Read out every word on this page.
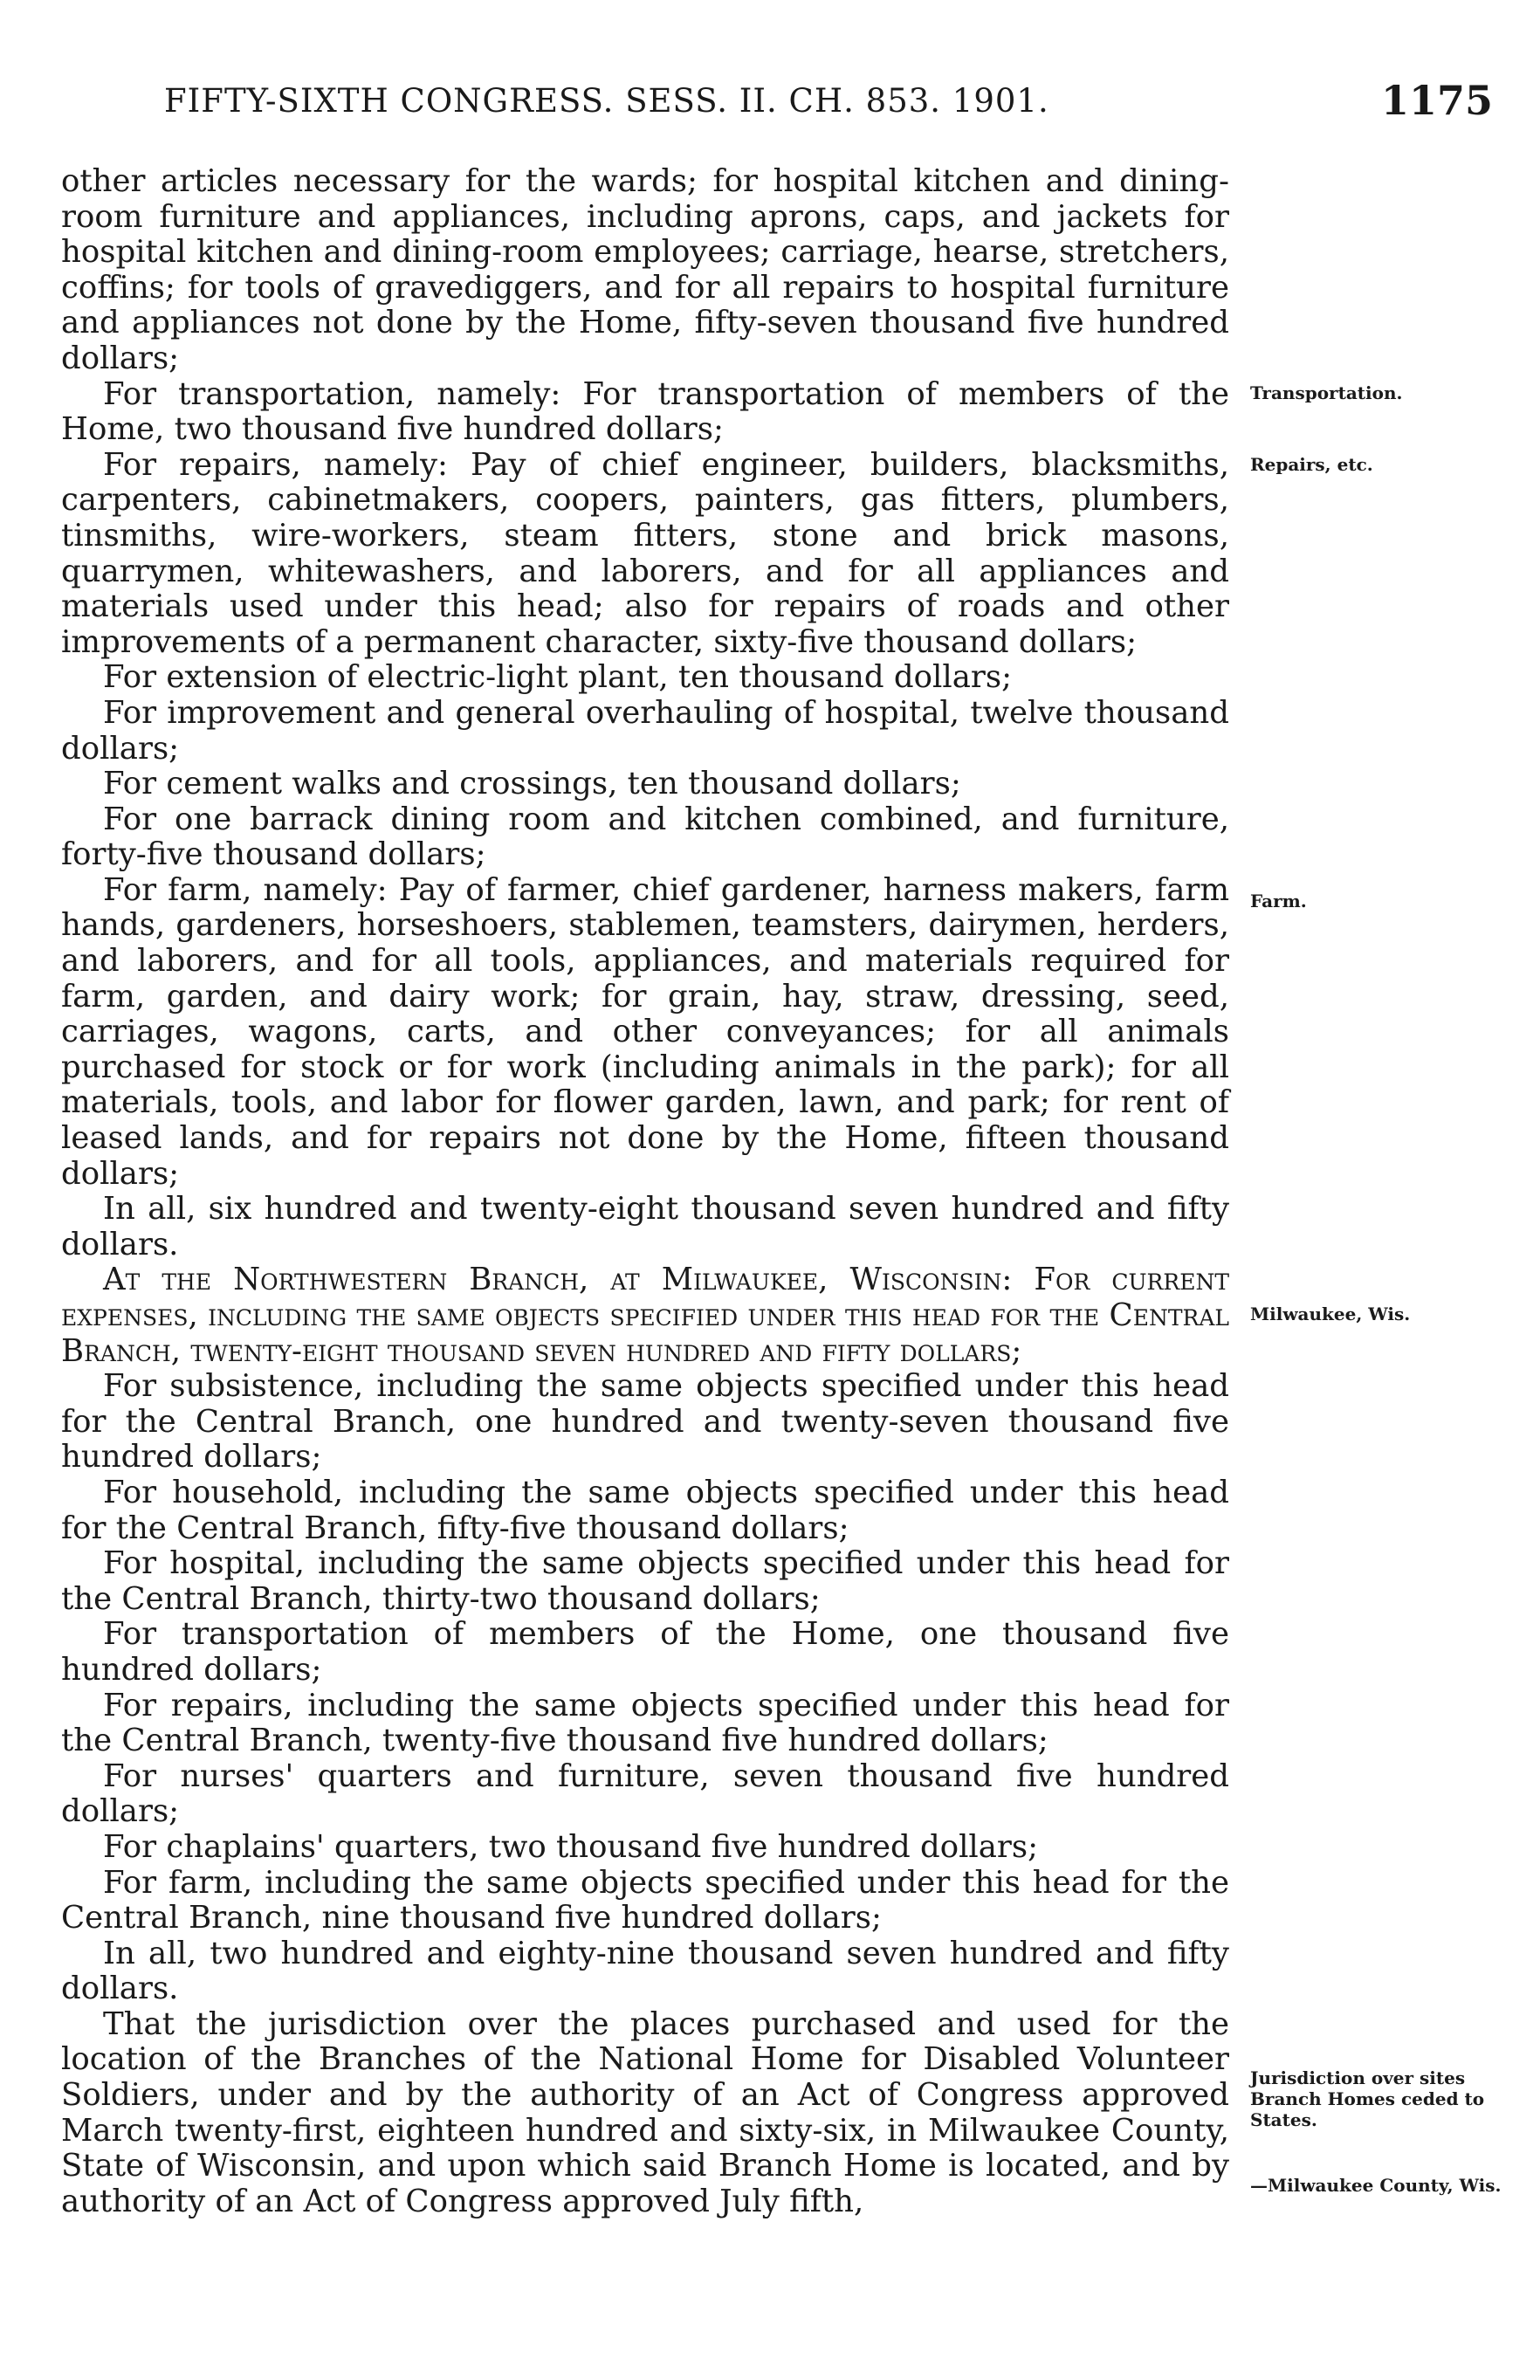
FIFTY-SIXTH CONGRESS. SESS. II. CH. 853. 1901.	1175

other articles necessary for the wards; for hospital kitchen and dining-room furniture and appliances, including aprons, caps, and jackets for hospital kitchen and dining-room employees; carriage, hearse, stretchers, coffins; for tools of gravediggers, and for all repairs to hospital furniture and appliances not done by the Home, fifty-seven thousand five hundred dollars;

For transportation, namely: For transportation of members of the Home, two thousand five hundred dollars;

For repairs, namely: Pay of chief engineer, builders, blacksmiths, carpenters, cabinetmakers, coopers, painters, gas fitters, plumbers, tinsmiths, wire-workers, steam fitters, stone and brick masons, quarrymen, whitewashers, and laborers, and for all appliances and materials used under this head; also for repairs of roads and other improvements of a permanent character, sixty-five thousand dollars;

For extension of electric-light plant, ten thousand dollars;

For improvement and general overhauling of hospital, twelve thousand dollars;

For cement walks and crossings, ten thousand dollars;

For one barrack dining room and kitchen combined, and furniture, forty-five thousand dollars;

For farm, namely: Pay of farmer, chief gardener, harness makers, farm hands, gardeners, horseshoers, stablemen, teamsters, dairymen, herders, and laborers, and for all tools, appliances, and materials required for farm, garden, and dairy work; for grain, hay, straw, dressing, seed, carriages, wagons, carts, and other conveyances; for all animals purchased for stock or for work (including animals in the park); for all materials, tools, and labor for flower garden, lawn, and park; for rent of leased lands, and for repairs not done by the Home, fifteen thousand dollars;

In all, six hundred and twenty-eight thousand seven hundred and fifty dollars.

At the Northwestern Branch, at Milwaukee, Wisconsin: For current expenses, including the same objects specified under this head for the Central Branch, twenty-eight thousand seven hundred and fifty dollars;

For subsistence, including the same objects specified under this head for the Central Branch, one hundred and twenty-seven thousand five hundred dollars;

For household, including the same objects specified under this head for the Central Branch, fifty-five thousand dollars;

For hospital, including the same objects specified under this head for the Central Branch, thirty-two thousand dollars;

For transportation of members of the Home, one thousand five hundred dollars;

For repairs, including the same objects specified under this head for the Central Branch, twenty-five thousand five hundred dollars;

For nurses' quarters and furniture, seven thousand five hundred dollars;

For chaplains' quarters, two thousand five hundred dollars;

For farm, including the same objects specified under this head for the Central Branch, nine thousand five hundred dollars;

In all, two hundred and eighty-nine thousand seven hundred and fifty dollars.

That the jurisdiction over the places purchased and used for the location of the Branches of the National Home for Disabled Volunteer Soldiers, under and by the authority of an Act of Congress approved March twenty-first, eighteen hundred and sixty-six, in Milwaukee County, State of Wisconsin, and upon which said Branch Home is located, and by authority of an Act of Congress approved July fifth,

Transportation.
Repairs, etc.
Farm.
Milwaukee, Wis.
Jurisdiction over sites Branch Homes ceded to States.
—Milwaukee County, Wis.
